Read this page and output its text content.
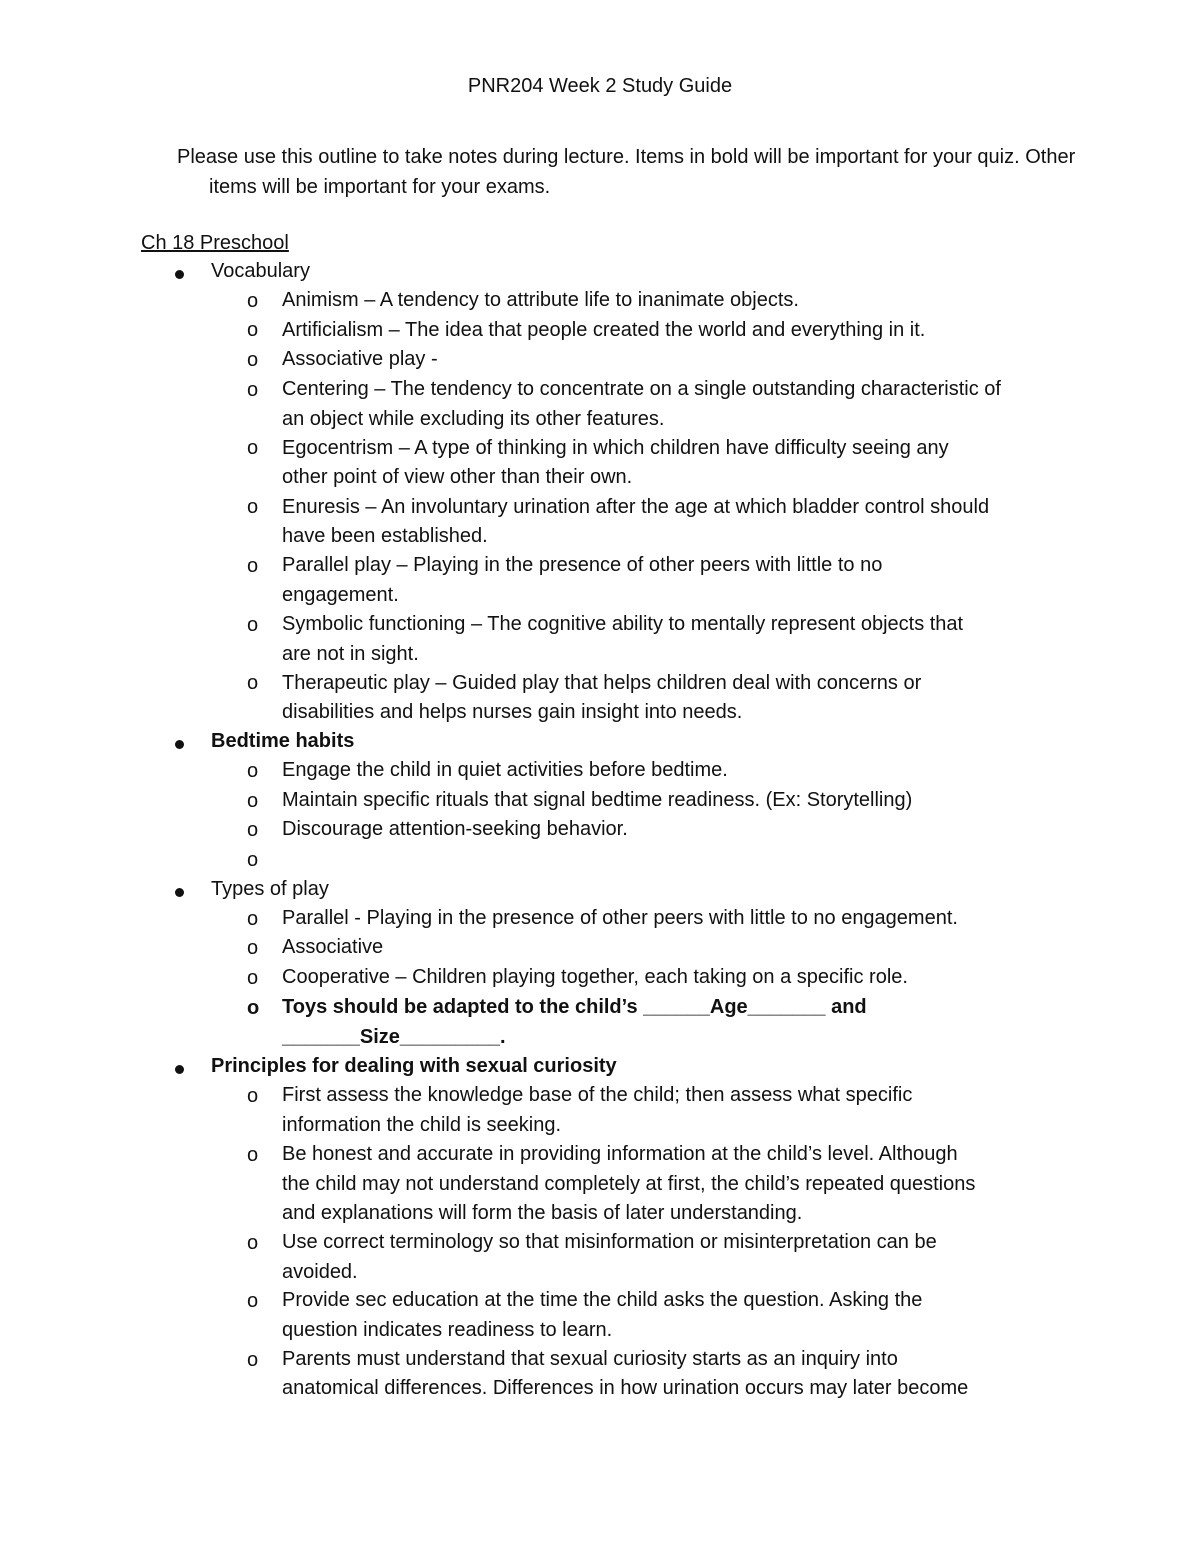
PNR204 Week 2 Study Guide
Please use this outline to take notes during lecture. Items in bold will be important for your quiz. Other items will be important for your exams.
Ch 18 Preschool
Vocabulary
o Animism – A tendency to attribute life to inanimate objects.
o Artificialism – The idea that people created the world and everything in it.
o Associative play -
o Centering – The tendency to concentrate on a single outstanding characteristic of
an object while excluding its other features.
o Egocentrism – A type of thinking in which children have difficulty seeing any
other point of view other than their own.
o Enuresis – An involuntary urination after the age at which bladder control should
have been established.
o Parallel play – Playing in the presence of other peers with little to no
engagement.
o Symbolic functioning – The cognitive ability to mentally represent objects that
are not in sight.
o Therapeutic play – Guided play that helps children deal with concerns or
disabilities and helps nurses gain insight into needs.
Bedtime habits
o Engage the child in quiet activities before bedtime.
o Maintain specific rituals that signal bedtime readiness. (Ex: Storytelling)
o Discourage attention-seeking behavior.
o
Types of play
o Parallel - Playing in the presence of other peers with little to no engagement.
o Associative
o Cooperative – Children playing together, each taking on a specific role.
o Toys should be adapted to the child’s ______Age_______ and
_______Size_________.
Principles for dealing with sexual curiosity
o First assess the knowledge base of the child; then assess what specific
information the child is seeking.
o Be honest and accurate in providing information at the child’s level. Although
the child may not understand completely at first, the child’s repeated questions
and explanations will form the basis of later understanding.
o Use correct terminology so that misinformation or misinterpretation can be
avoided.
o Provide sec education at the time the child asks the question. Asking the
question indicates readiness to learn.
o Parents must understand that sexual curiosity starts as an inquiry into
anatomical differences. Differences in how urination occurs may later become
